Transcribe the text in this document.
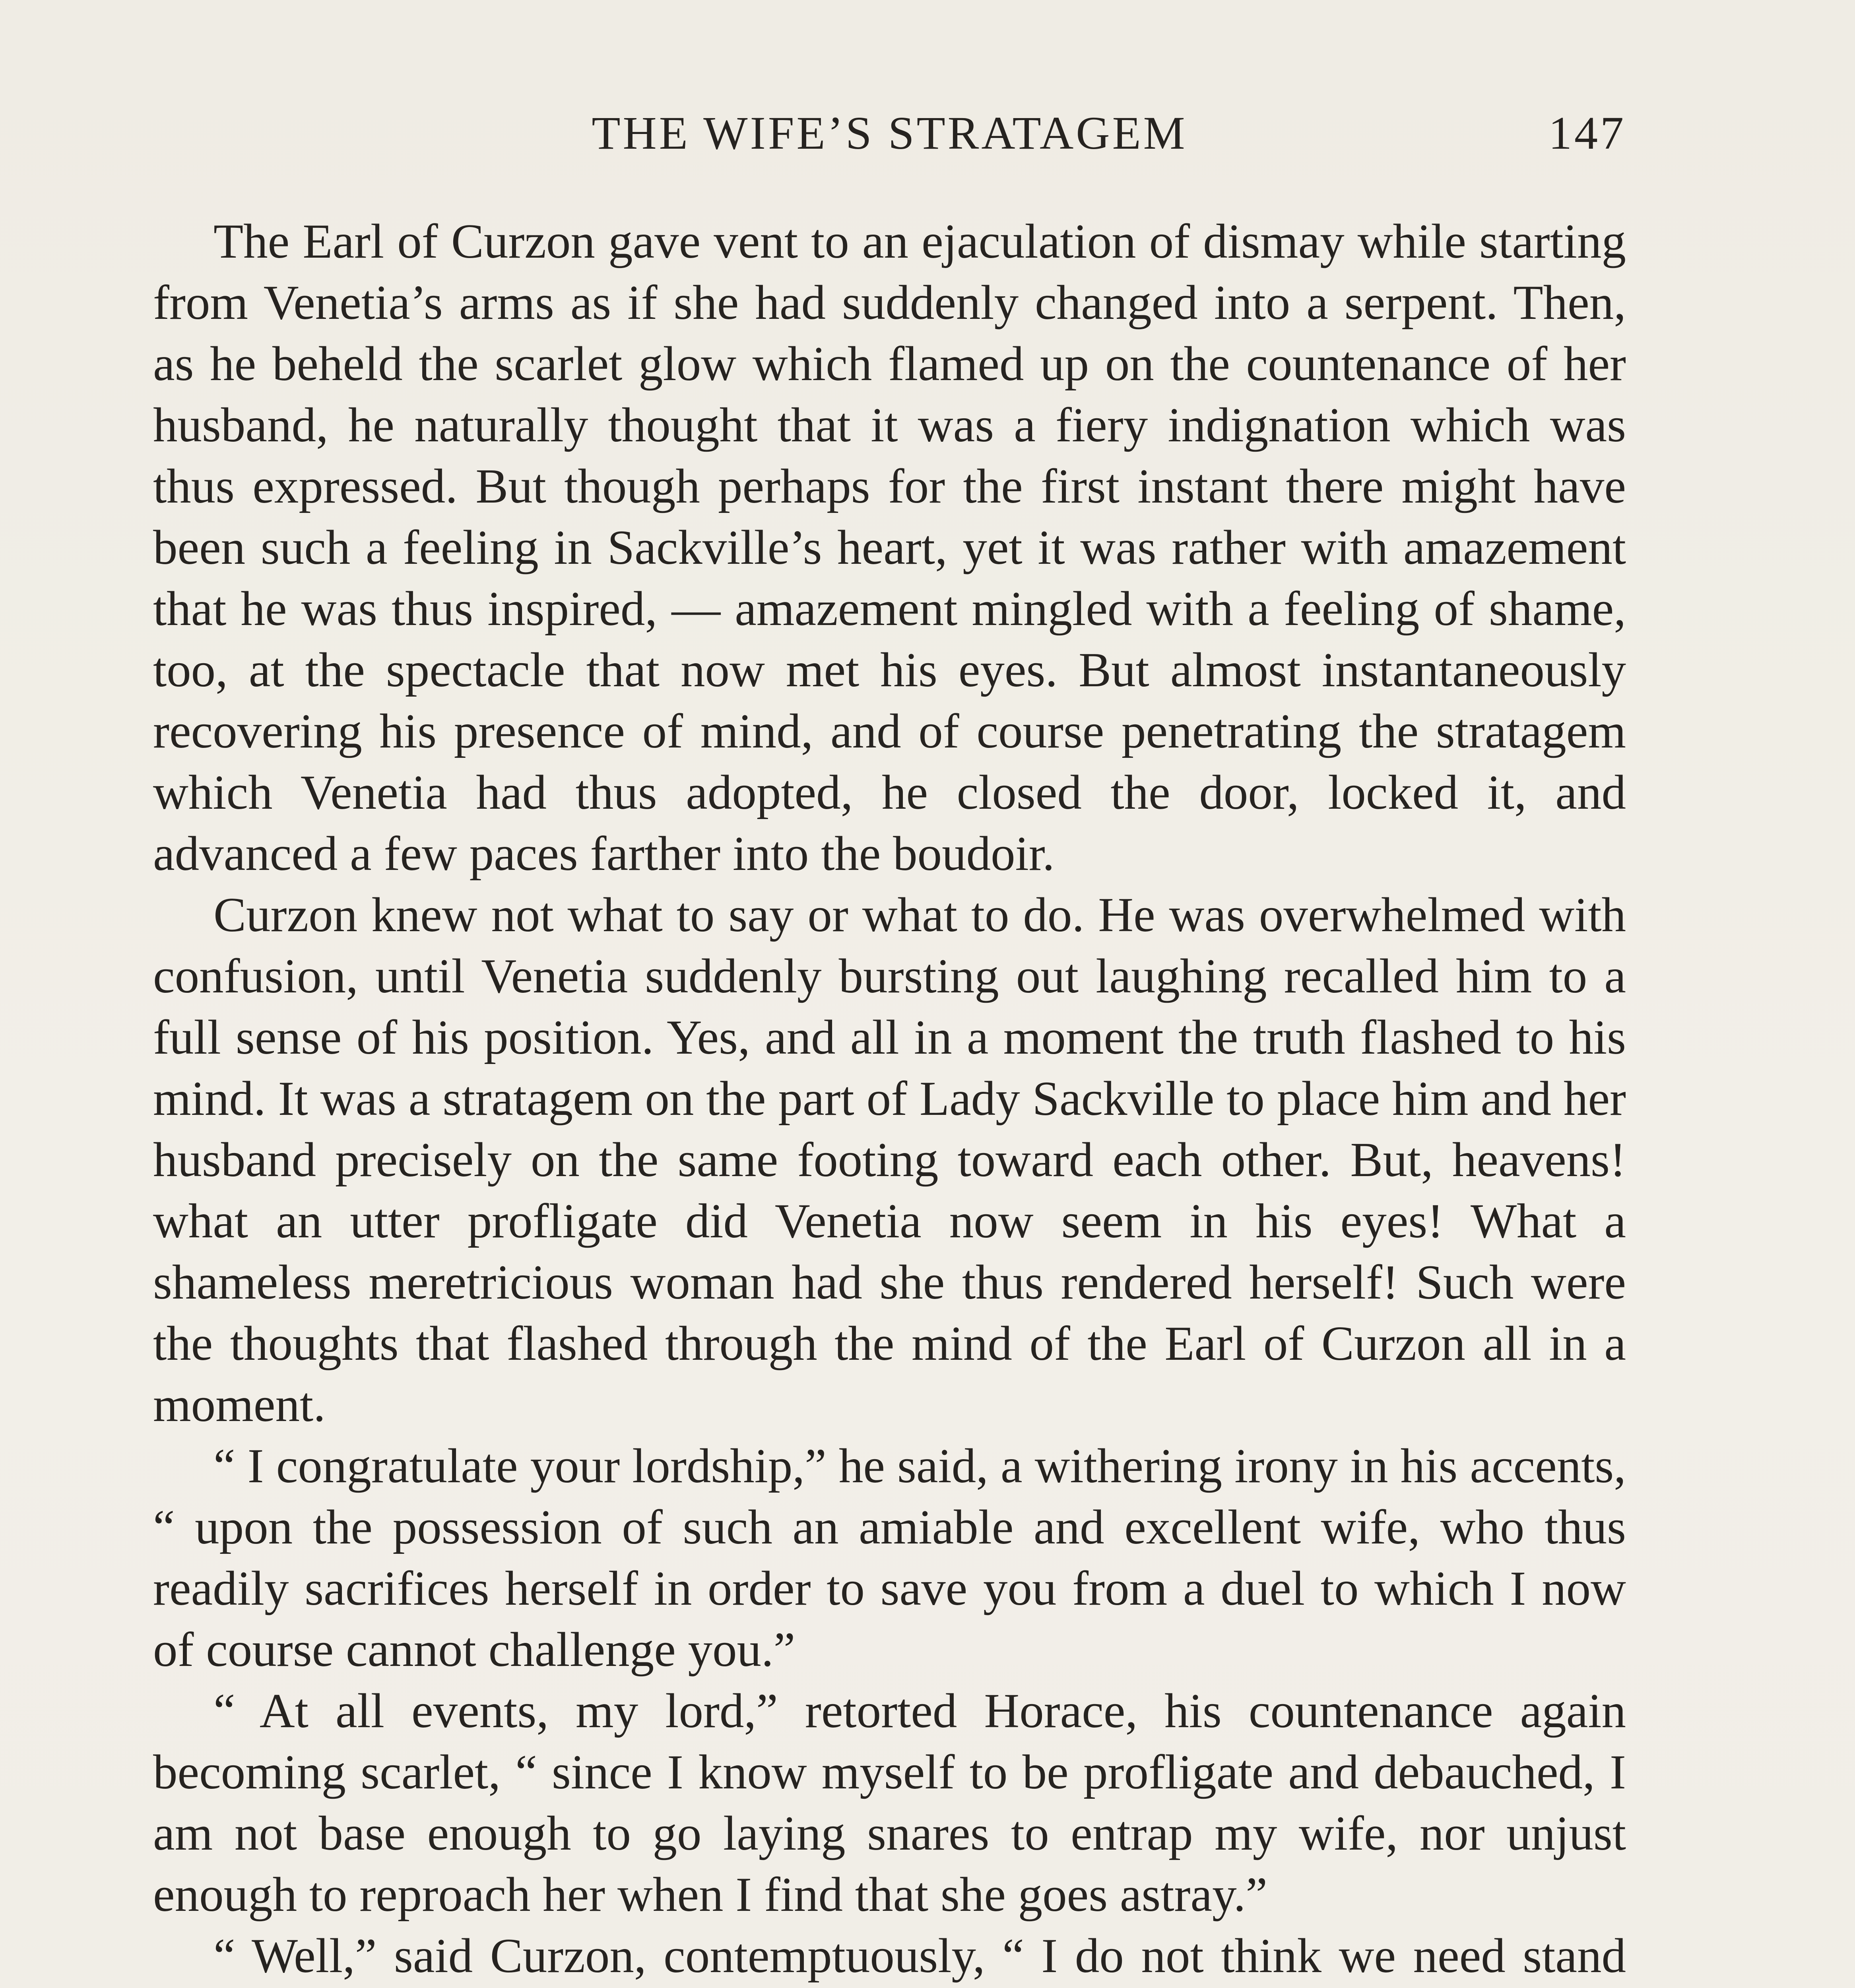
THE WIFE’S STRATAGEM	147

The Earl of Curzon gave vent to an ejaculation of dismay while starting from Venetia’s arms as if she had suddenly changed into a serpent. Then, as he beheld the scarlet glow which flamed up on the countenance of her husband, he naturally thought that it was a fiery indignation which was thus expressed. But though perhaps for the first instant there might have been such a feeling in Sackville’s heart, yet it was rather with amazement that he was thus inspired, — amazement mingled with a feeling of shame, too, at the spectacle that now met his eyes. But almost instantaneously recovering his presence of mind, and of course penetrating the stratagem which Venetia had thus adopted, he closed the door, locked it, and advanced a few paces farther into the boudoir.

Curzon knew not what to say or what to do. He was overwhelmed with confusion, until Venetia suddenly bursting out laughing recalled him to a full sense of his position. Yes, and all in a moment the truth flashed to his mind. It was a stratagem on the part of Lady Sackville to place him and her husband precisely on the same footing toward each other. But, heavens! what an utter profligate did Venetia now seem in his eyes! What a shameless meretricious woman had she thus rendered herself! Such were the thoughts that flashed through the mind of the Earl of Curzon all in a moment.

“ I congratulate your lordship,” he said, a withering irony in his accents, “ upon the possession of such an amiable and excellent wife, who thus readily sacrifices herself in order to save you from a duel to which I now of course cannot challenge you.”

“ At all events, my lord,” retorted Horace, his countenance again becoming scarlet, “ since I know myself to be profligate and debauched, I am not base enough to go laying snares to entrap my wife, nor unjust enough to reproach her when I find that she goes astray.”

“ Well,” said Curzon, contemptuously, “ I do not think we need stand
